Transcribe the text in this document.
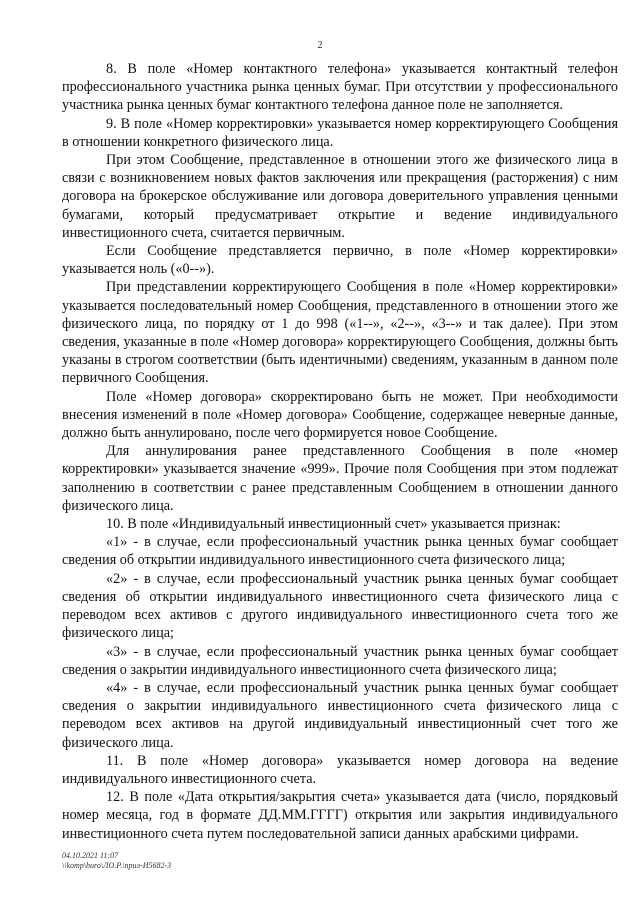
2

8. В поле «Номер контактного телефона» указывается контактный телефон профессионального участника рынка ценных бумаг. При отсутствии у профессионального участника рынка ценных бумаг контактного телефона данное поле не заполняется.

9. В поле «Номер корректировки» указывается номер корректирующего Сообщения в отношении конкретного физического лица.

При этом Сообщение, представленное в отношении этого же физического лица в связи с возникновением новых фактов заключения или прекращения (расторжения) с ним договора на брокерское обслуживание или договора доверительного управления ценными бумагами, который предусматривает открытие и ведение индивидуального инвестиционного счета, считается первичным.

Если Сообщение представляется первично, в поле «Номер корректировки» указывается ноль («0--»).

При представлении корректирующего Сообщения в поле «Номер корректировки» указывается последовательный номер Сообщения, представленного в отношении этого же физического лица, по порядку от 1 до 998 («1--», «2--», «3--» и так далее). При этом сведения, указанные в поле «Номер договора» корректирующего Сообщения, должны быть указаны в строгом соответствии (быть идентичными) сведениям, указанным в данном поле первичного Сообщения.

Поле «Номер договора» скорректировано быть не может. При необходимости внесения изменений в поле «Номер договора» Сообщение, содержащее неверные данные, должно быть аннулировано, после чего формируется новое Сообщение.

Для аннулирования ранее представленного Сообщения в поле «номер корректировки» указывается значение «999». Прочие поля Сообщения при этом подлежат заполнению в соответствии с ранее представленным Сообщением в отношении данного физического лица.

10. В поле «Индивидуальный инвестиционный счет» указывается признак:

«1» - в случае, если профессиональный участник рынка ценных бумаг сообщает сведения об открытии индивидуального инвестиционного счета физического лица;

«2» - в случае, если профессиональный участник рынка ценных бумаг сообщает сведения об открытии индивидуального инвестиционного счета физического лица с переводом всех активов с другого индивидуального инвестиционного счета того же физического лица;

«3» - в случае, если профессиональный участник рынка ценных бумаг сообщает сведения о закрытии индивидуального инвестиционного счета физического лица;

«4» - в случае, если профессиональный участник рынка ценных бумаг сообщает сведения о закрытии индивидуального инвестиционного счета физического лица с переводом всех активов на другой индивидуальный инвестиционный счет того же физического лица.

11. В поле «Номер договора» указывается номер договора на ведение индивидуального инвестиционного счета.

12. В поле «Дата открытия/закрытия счета» указывается дата (число, порядковый номер месяца, год в формате ДД.ММ.ГГГГ) открытия или закрытия индивидуального инвестиционного счета путем последовательной записи данных арабскими цифрами.

04.10.2021 11:07
\\komp\buro\ЛО.Р.\прил-И5682-3
